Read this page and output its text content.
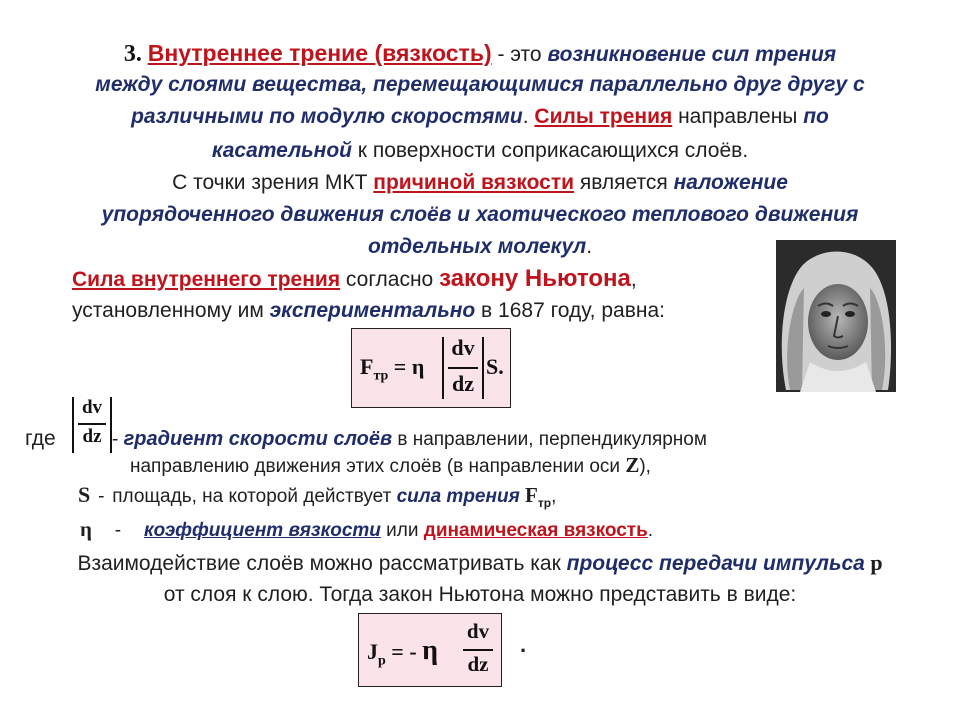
3. Внутреннее трение (вязкость) - это возникновение сил трения
между слоями вещества, перемещающимися параллельно друг другу с
различными по модулю скоростями. Силы трения направлены по
касательной к поверхности соприкасающихся слоёв.
С точки зрения МКТ причиной вязкости является наложение
упорядоченного движения слоёв и хаотического теплового движения
отдельных молекул.
Сила внутреннего трения согласно закону Ньютона,
установленному им экспериментально в 1687 году, равна:
$F_{тр} = \eta$
dv
dz
S.
где
dv
dz - градиент скорости слоёв в направлении, перпендикулярном
направлению движения этих слоёв (в направлении оси Z),
S-площадь, на которой действует сила трения $F_{тр}$,
η-коэффициент вязкости или динамическая вязкость.
Взаимодействие слоёв можно рассматривать как процесс передачи импульса p
от слоя к слою. Тогда закон Ньютона можно представить в виде:
$J_p$ = - η
dv
dz
.
